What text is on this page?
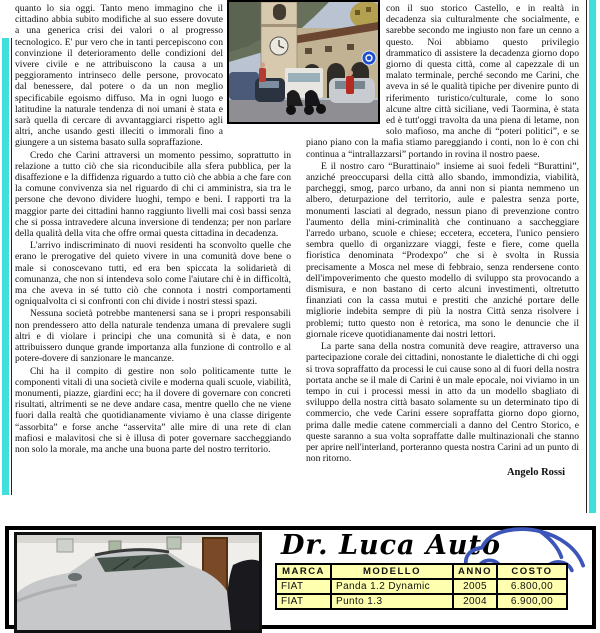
quanto lo sia oggi. Tanto meno immagino che il cittadino abbia subito modifiche al suo essere dovute a una generica crisi dei valori o al progresso tecnologico. E' pur vero che in tanti percepiscono con convinzione il deterioramento delle condizioni del vivere civile e ne attribuiscono la causa a un peggioramento intrinseco delle persone, provocato dal benessere, dal potere o da un non meglio specificabile egoismo diffuso. Ma in ogni luogo e latitudine la naturale tendenza di noi umani è stata e sarà quella di cercare di avvantaggiarci rispetto agli altri, anche usando gesti illeciti o immorali fino a giungere a un sistema basato sulla sopraffazione.

Credo che Carini attraversi un momento pessimo, soprattutto in relazione a tutto ciò che sia riconducibile alla sfera pubblica, per la disaffezione e la diffidenza riguardo a tutto ciò che abbia a che fare con la comune convivenza sia nel riguardo di chi ci amministra, sia tra le persone che devono dividere luoghi, tempo e beni. I rapporti tra la maggior parte dei cittadini hanno raggiunto livelli mai così bassi senza che si possa intravedere alcuna inversione di tendenza; per non parlare della qualità della vita che offre ormai questa cittadina in decadenza.

L'arrivo indiscriminato di nuovi residenti ha sconvolto quelle che erano le prerogative del quieto vivere in una comunità dove bene o male si conoscevano tutti, ed era ben spiccata la solidarietà di comunanza, che non si intendeva solo come l'aiutare chi è in difficoltà, ma che aveva in sé tutto ciò che connota i nostri comportamenti ogniqualvolta ci si confronti con chi divide i nostri stessi spazi.

Nessuna società potrebbe mantenersi sana se i propri responsabili non prendessero atto della naturale tendenza umana di prevalere sugli altri e di violare i principi che una comunità si è data, e non attribuissero dunque grande importanza alla funzione di controllo e al potere-dovere di sanzionare le mancanze.

Chi ha il compito di gestire non solo politicamente tutte le componenti vitali di una società civile e moderna quali scuole, viabilità, monumenti, piazze, giardini ecc; ha il dovere di governare con concreti risultati, altrimenti se ne deve andare casa, mentre quello che ne viene fuori dalla realtà che quotidianamente viviamo è una classe dirigente “assorbita” e forse anche “asservita” alle mire di una rete di clan mafiosi e malavitosi che si è illusa di poter governare saccheggiando non solo la morale, ma anche una buona parte del nostro territorio.

con il suo storico Castello, e in realtà in decadenza sia culturalmente che socialmente, e sarebbe secondo me ingiusto non fare un cenno a questo. Noi abbiamo questo privilegio drammatico di assistere la decadenza giorno dopo giorno di questa città, come al capezzale di un malato terminale, perché secondo me Carini, che aveva in sé le qualità tipiche per divenire punto di riferimento turistico/culturale, come lo sono alcune altre città siciliane, vedi Taormina, è stata ed è tutt'oggi travolta da una piena di letame, non solo mafioso, ma anche di “poteri politici”, e se piano piano con la mafia stiamo pareggiando i conti, non lo è con chi continua a “intrallazzarsi” portando in rovina il nostro paese.

E il nostro caro “Burattinaio” insieme ai suoi fedeli “Burattini”, anziché preoccuparsi della città allo sbando, immondizia, viabilità, parcheggi, smog, parco urbano, da anni non si pianta nemmeno un albero, deturpazione del territorio, aule e palestra senza porte, monumenti lasciati al degrado, nessun piano di prevenzione contro l'aumento della mini-criminalità che continuano a saccheggiare l'arredo urbano, scuole e chiese; eccetera, eccetera, l'unico pensiero sembra quello di organizzare viaggi, feste e fiere, come quella fioristica denominata “Prodexpo” che si è svolta in Russia precisamente a Mosca nel mese di febbraio, senza rendersene conto dell'impoverimento che questo modello di sviluppo sta provocando a dismisura, e non bastano di certo alcuni investimenti, oltretutto finanziati con la cassa mutui e prestiti che anziché portare delle migliorie indebita sempre di più la nostra Città senza risolvere i problemi; tutto questo non è retorica, ma sono le denuncie che il giornale riceve quotidianamente dai nostri lettori.

La parte sana della nostra comunità deve reagire, attraverso una partecipazione corale dei cittadini, nonostante le dialettiche di chi oggi si trova sopraffatto da processi le cui cause sono al di fuori della nostra portata anche se il male di Carini è un male epocale, noi viviamo in un tempo in cui i processi messi in atto da un modello sbagliato di sviluppo della nostra città basato solamente su un determinato tipo di commercio, che vede Carini essere sopraffatta giorno dopo giorno, prima dalle medie catene commerciali a danno del Centro Storico, e queste saranno a sua volta sopraffatte dalle multinazionali che stanno per aprire nell'interland, porteranno questa nostra Carini ad un punto di non ritorno.

Angelo Rossi
Dr. Luca Auto
MARCA	MODELLO	ANNO	COSTO
FIAT	Panda 1.2 Dynamic	2005	6.800,00
FIAT	Punto 1.3	2004	6.900,00
